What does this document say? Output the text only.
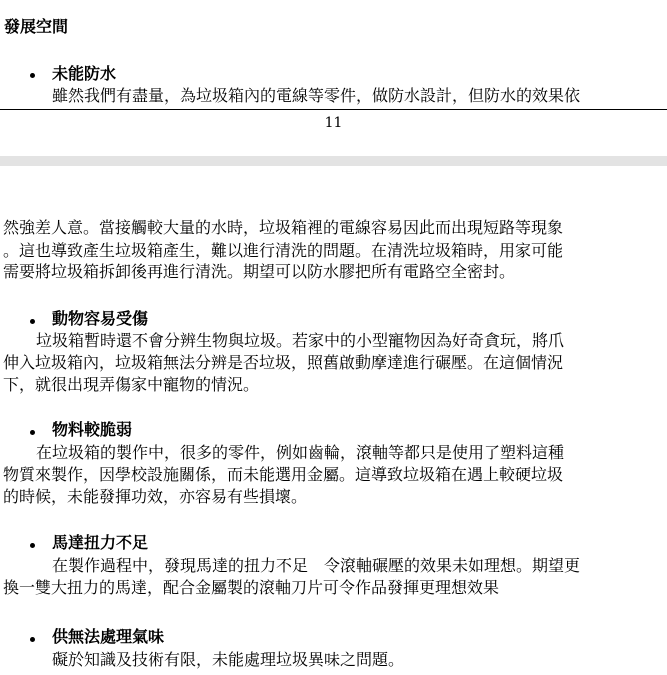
發展空間
未能防水
雖然我們有盡量，為垃圾箱內的電線等零件，做防水設計，但防水的效果依
11
然強差人意。當接觸較大量的水時，垃圾箱裡的電線容易因此而出現短路等現象
。這也導致產生垃圾箱產生，難以進行清洗的問題。在清洗垃圾箱時，用家可能
需要將垃圾箱拆卸後再進行清洗。期望可以防水膠把所有電路空全密封。
動物容易受傷
垃圾箱暫時還不會分辨生物與垃圾。若家中的小型寵物因為好奇貪玩，將爪
伸入垃圾箱內，垃圾箱無法分辨是否垃圾，照舊啟動摩達進行碾壓。在這個情況
下，就很出現弄傷家中寵物的情況。
物料較脆弱
在垃圾箱的製作中，很多的零件，例如齒輪，滾軸等都只是使用了塑料這種
物質來製作，因學校設施關係，而未能選用金屬。這導致垃圾箱在遇上較硬垃圾
的時候，未能發揮功效，亦容易有些損壞。
馬達扭力不足
在製作過程中，發現馬達的扭力不足　令滾軸碾壓的效果未如理想。期望更
換一雙大扭力的馬達，配合金屬製的滾軸刀片可令作品發揮更理想效果
供無法處理氣味
礙於知識及技術有限，未能處理垃圾異味之問題。
